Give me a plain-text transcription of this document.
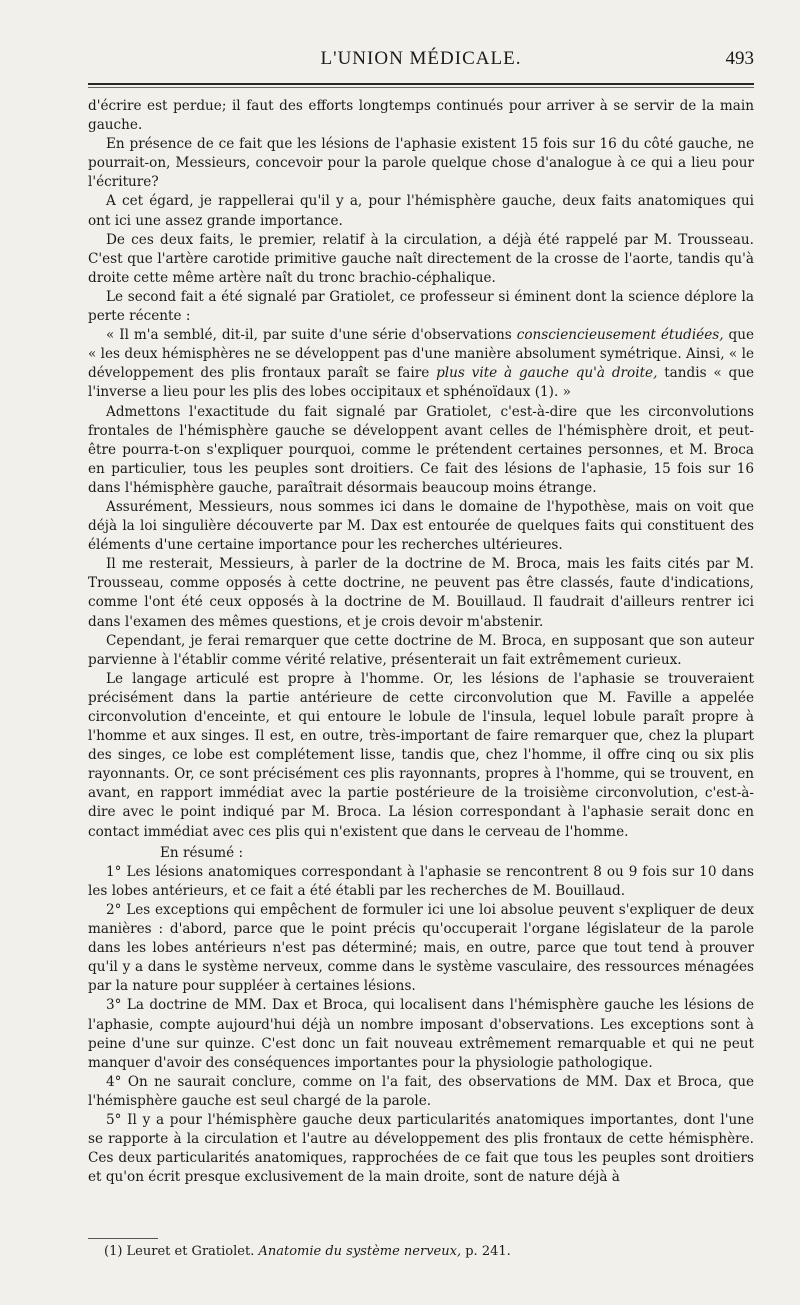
L'UNION MÉDICALE.	493

d'écrire est perdue; il faut des efforts longtemps continués pour arriver à se servir de la main gauche.

En présence de ce fait que les lésions de l'aphasie existent 15 fois sur 16 du côté gauche, ne pourrait-on, Messieurs, concevoir pour la parole quelque chose d'analogue à ce qui a lieu pour l'écriture?

A cet égard, je rappellerai qu'il y a, pour l'hémisphère gauche, deux faits anatomiques qui ont ici une assez grande importance.

De ces deux faits, le premier, relatif à la circulation, a déjà été rappelé par M. Trousseau. C'est que l'artère carotide primitive gauche naît directement de la crosse de l'aorte, tandis qu'à droite cette même artère naît du tronc brachio-céphalique.

Le second fait a été signalé par Gratiolet, ce professeur si éminent dont la science déplore la perte récente :

« Il m'a semblé, dit-il, par suite d'une série d'observations consciencieusement étudiées, que « les deux hémisphères ne se développent pas d'une manière absolument symétrique. Ainsi, « le développement des plis frontaux paraît se faire plus vite à gauche qu'à droite, tandis « que l'inverse a lieu pour les plis des lobes occipitaux et sphénoïdaux (1). »

Admettons l'exactitude du fait signalé par Gratiolet, c'est-à-dire que les circonvolutions frontales de l'hémisphère gauche se développent avant celles de l'hémisphère droit, et peut-être pourra-t-on s'expliquer pourquoi, comme le prétendent certaines personnes, et M. Broca en particulier, tous les peuples sont droitiers. Ce fait des lésions de l'aphasie, 15 fois sur 16 dans l'hémisphère gauche, paraîtrait désormais beaucoup moins étrange.

Assurément, Messieurs, nous sommes ici dans le domaine de l'hypothèse, mais on voit que déjà la loi singulière découverte par M. Dax est entourée de quelques faits qui constituent des éléments d'une certaine importance pour les recherches ultérieures.

Il me resterait, Messieurs, à parler de la doctrine de M. Broca, mais les faits cités par M. Trousseau, comme opposés à cette doctrine, ne peuvent pas être classés, faute d'indications, comme l'ont été ceux opposés à la doctrine de M. Bouillaud. Il faudrait d'ailleurs rentrer ici dans l'examen des mêmes questions, et je crois devoir m'abstenir.

Cependant, je ferai remarquer que cette doctrine de M. Broca, en supposant que son auteur parvienne à l'établir comme vérité relative, présenterait un fait extrêmement curieux.

Le langage articulé est propre à l'homme. Or, les lésions de l'aphasie se trouveraient précisément dans la partie antérieure de cette circonvolution que M. Faville a appelée circonvolution d'enceinte, et qui entoure le lobule de l'insula, lequel lobule paraît propre à l'homme et aux singes. Il est, en outre, très-important de faire remarquer que, chez la plupart des singes, ce lobe est complétement lisse, tandis que, chez l'homme, il offre cinq ou six plis rayonnants. Or, ce sont précisément ces plis rayonnants, propres à l'homme, qui se trouvent, en avant, en rapport immédiat avec la partie postérieure de la troisième circonvolution, c'est-à-dire avec le point indiqué par M. Broca. La lésion correspondant à l'aphasie serait donc en contact immédiat avec ces plis qui n'existent que dans le cerveau de l'homme.

En résumé :

1° Les lésions anatomiques correspondant à l'aphasie se rencontrent 8 ou 9 fois sur 10 dans les lobes antérieurs, et ce fait a été établi par les recherches de M. Bouillaud.

2° Les exceptions qui empêchent de formuler ici une loi absolue peuvent s'expliquer de deux manières : d'abord, parce que le point précis qu'occuperait l'organe législateur de la parole dans les lobes antérieurs n'est pas déterminé; mais, en outre, parce que tout tend à prouver qu'il y a dans le système nerveux, comme dans le système vasculaire, des ressources ménagées par la nature pour suppléer à certaines lésions.

3° La doctrine de MM. Dax et Broca, qui localisent dans l'hémisphère gauche les lésions de l'aphasie, compte aujourd'hui déjà un nombre imposant d'observations. Les exceptions sont à peine d'une sur quinze. C'est donc un fait nouveau extrêmement remarquable et qui ne peut manquer d'avoir des conséquences importantes pour la physiologie pathologique.

4° On ne saurait conclure, comme on l'a fait, des observations de MM. Dax et Broca, que l'hémisphère gauche est seul chargé de la parole.

5° Il y a pour l'hémisphère gauche deux particularités anatomiques importantes, dont l'une se rapporte à la circulation et l'autre au développement des plis frontaux de cette hémisphère. Ces deux particularités anatomiques, rapprochées de ce fait que tous les peuples sont droitiers et qu'on écrit presque exclusivement de la main droite, sont de nature déjà à

(1) Leuret et Gratiolet. Anatomie du système nerveux, p. 241.
